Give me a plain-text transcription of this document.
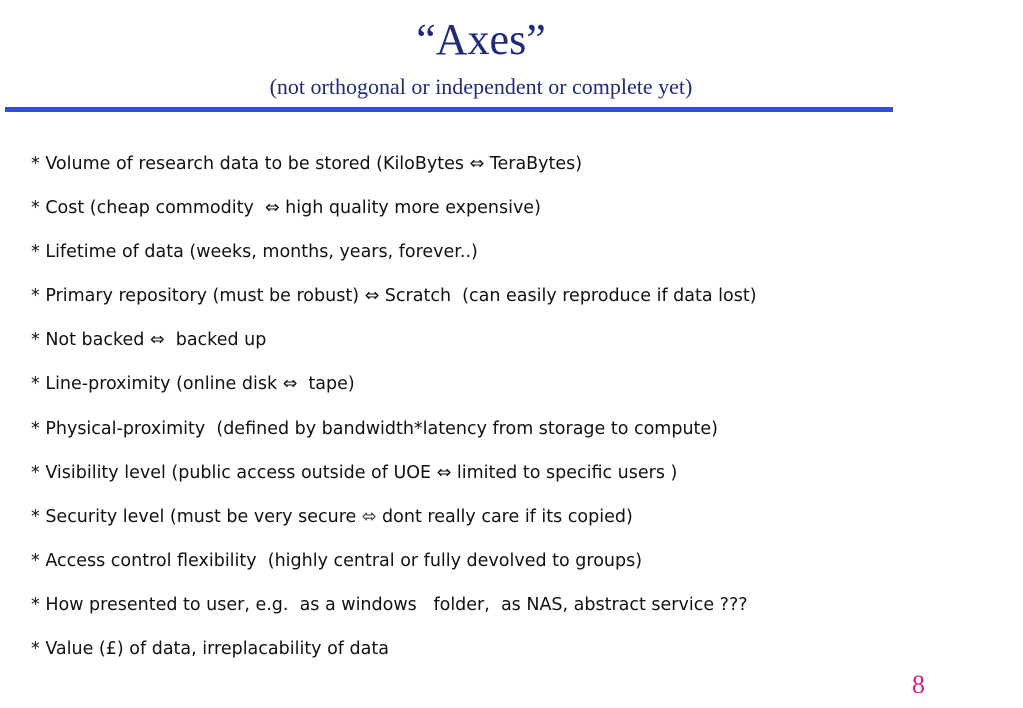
“Axes”
(not orthogonal or independent or complete yet)
* Volume of research data to be stored (KiloBytes ⇔ TeraBytes)
* Cost (cheap commodity  ⇔ high quality more expensive)
* Lifetime of data (weeks, months, years, forever..)
* Primary repository (must be robust) ⇔ Scratch  (can easily reproduce if data lost)
* Not backed ⇔  backed up
* Line-proximity (online disk ⇔  tape)
* Physical-proximity  (defined by bandwidth*latency from storage to compute)
* Visibility level (public access outside of UOE ⇔ limited to specific users )
* Security level (must be very secure ⬄ dont really care if its copied)
* Access control flexibility  (highly central or fully devolved to groups)
* How presented to user, e.g.  as a windows   folder,  as NAS, abstract service ???
* Value (£) of data, irreplacability of data
8
